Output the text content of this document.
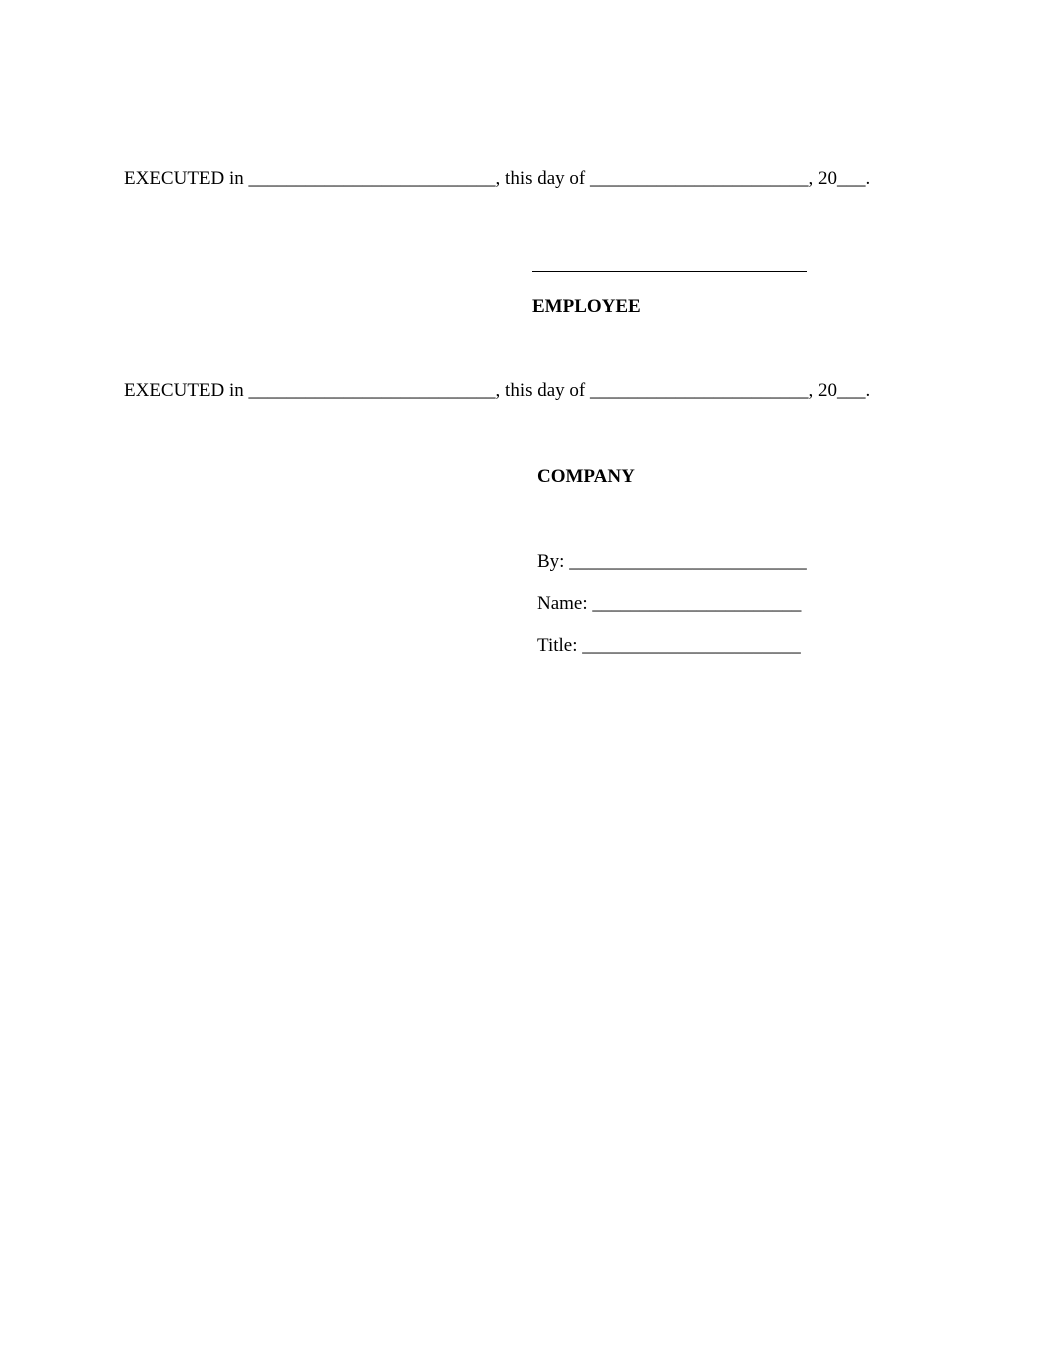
EXECUTED in __________________________, this day of _______________________, 20___.
EMPLOYEE
EXECUTED in __________________________, this day of _______________________, 20___.
COMPANY
By: _________________________
Name: ______________________
Title: _______________________
